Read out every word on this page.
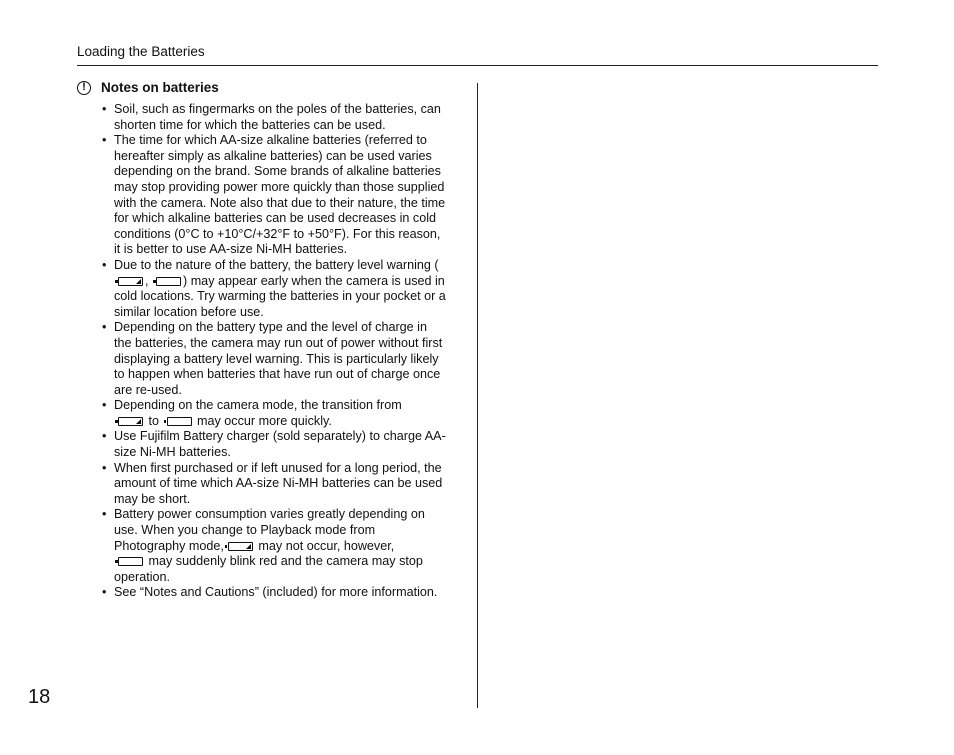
Loading the Batteries
!	Notes on batteries
• Soil, such as fingermarks on the poles of the batteries, can shorten time for which the batteries can be used.
• The time for which AA-size alkaline batteries (referred to hereafter simply as alkaline batteries) can be used varies depending on the brand. Some brands of alkaline batteries may stop providing power more quickly than those supplied with the camera. Note also that due to their nature, the time for which alkaline batteries can be used decreases in cold conditions (0°C to +10°C/+32°F to +50°F). For this reason, it is better to use AA-size Ni-MH batteries.
• Due to the nature of the battery, the battery level warning (,	) may appear early when the camera is used in cold locations. Try warming the batteries in your pocket or a similar location before use.
• Depending on the battery type and the level of charge in the batteries, the camera may run out of power without first displaying a battery level warning. This is particularly likely to happen when batteries that have run out of charge once are re-used.
• Depending on the camera mode, the transition from
to	may occur more quickly.
• Use Fujifilm Battery charger (sold separately) to charge AA-size Ni-MH batteries.
• When first purchased or if left unused for a long period, the amount of time which AA-size Ni-MH batteries can be used may be short.
• Battery power consumption varies greatly depending on use. When you change to Playback mode from Photography mode,	may not occur, however,
may suddenly blink red and the camera may stop operation.
• See “Notes and Cautions” (included) for more information.
18
